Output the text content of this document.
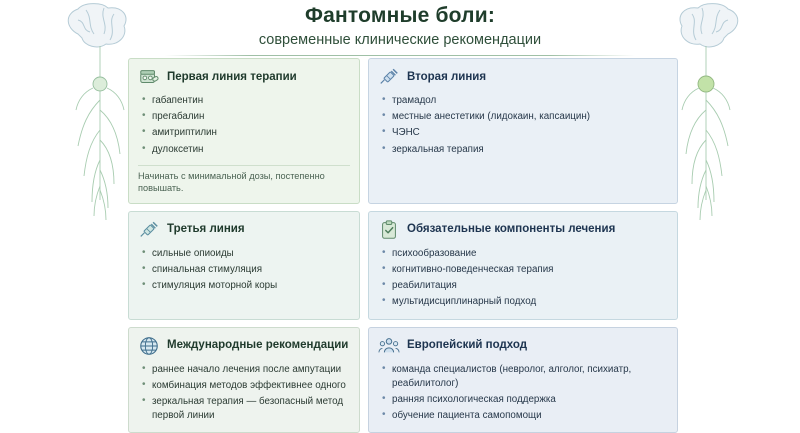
Фантомные боли:
современные клинические рекомендации
Первая линия терапии
• габапентин
• прегабалин
• амитриптилин
• дулоксетин
Начинать с минимальной дозы, постепенно повышать.
Вторая линия
• трамадол
• местные анестетики (лидокаин, капсаицин)
• ЧЭНС
• зеркальная терапия
Третья линия
• сильные опиоиды
• спинальная стимуляция
• стимуляция моторной коры
Обязательные компоненты лечения
• психообразование
• когнитивно-поведенческая терапия
• реабилитация
• мультидисциплинарный подход
Международные рекомендации
• раннее начало лечения после ампутации
• комбинация методов эффективнее одного
• зеркальная терапия — безопасный метод первой линии
Европейский подход
• команда специалистов (невролог, алголог, психиатр, реабилитолог)
• ранняя психологическая поддержка
• обучение пациента самопомощи
